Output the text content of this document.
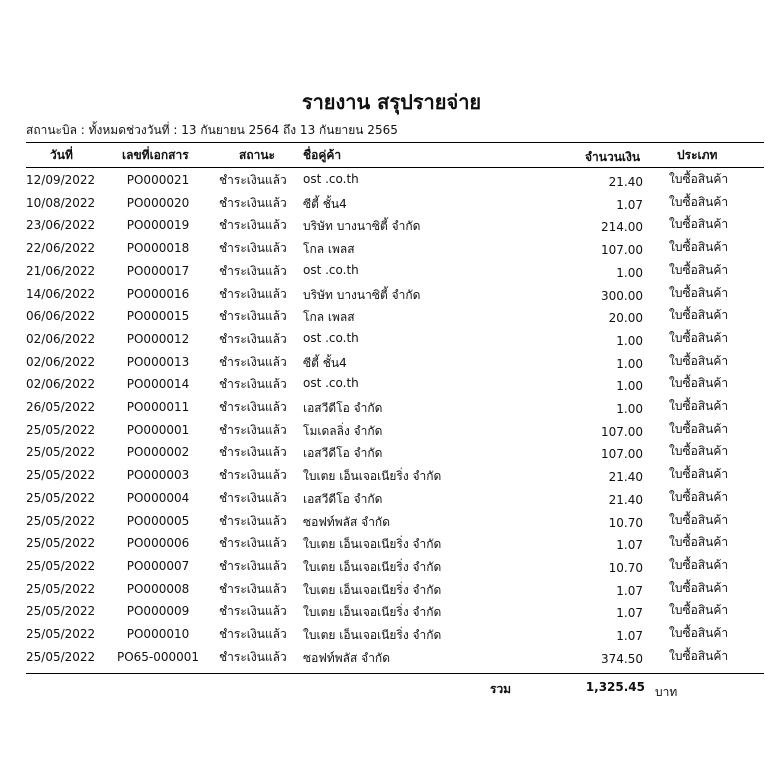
รายงาน สรุปรายจ่าย
สถานะบิล : ทั้งหมดช่วงวันที่ : 13 กันยายน 2564 ถึง 13 กันยายน 2565
วันที่	เลขที่เอกสาร	สถานะ ชื่อคู่ค้า	จำนวนเงิน	ประเภท
12/09/2022	PO000021	ชำระเงินแล้ว ost .co.th	21.40 ใบซื้อสินค้า
10/08/2022	PO000020	ชำระเงินแล้ว ซีตี้ ชั้น4	1.07 ใบซื้อสินค้า
23/06/2022	PO000019	ชำระเงินแล้ว บริษัท บางนาซิตี้ จำกัด	214.00 ใบซื้อสินค้า
22/06/2022	PO000018	ชำระเงินแล้ว โกล เพลส	107.00 ใบซื้อสินค้า
21/06/2022	PO000017	ชำระเงินแล้ว ost .co.th	1.00 ใบซื้อสินค้า
14/06/2022	PO000016	ชำระเงินแล้ว บริษัท บางนาซิตี้ จำกัด	300.00 ใบซื้อสินค้า
06/06/2022	PO000015	ชำระเงินแล้ว โกล เพลส	20.00 ใบซื้อสินค้า
02/06/2022	PO000012	ชำระเงินแล้ว ost .co.th	1.00 ใบซื้อสินค้า
02/06/2022	PO000013	ชำระเงินแล้ว ซีตี้ ชั้น4	1.00 ใบซื้อสินค้า
02/06/2022	PO000014	ชำระเงินแล้ว ost .co.th	1.00 ใบซื้อสินค้า
26/05/2022	PO000011	ชำระเงินแล้ว เอสวีดีโอ จำกัด	1.00 ใบซื้อสินค้า
25/05/2022	PO000001	ชำระเงินแล้ว โมเดลลิ่ง จำกัด	107.00 ใบซื้อสินค้า
25/05/2022	PO000002	ชำระเงินแล้ว เอสวีดีโอ จำกัด	107.00 ใบซื้อสินค้า
25/05/2022	PO000003	ชำระเงินแล้ว ใบเตย เอ็นเจอเนียริ่ง จำกัด	21.40 ใบซื้อสินค้า
25/05/2022	PO000004	ชำระเงินแล้ว เอสวีดีโอ จำกัด	21.40 ใบซื้อสินค้า
25/05/2022	PO000005	ชำระเงินแล้ว ซอฟท์พลัส จำกัด	10.70 ใบซื้อสินค้า
25/05/2022	PO000006	ชำระเงินแล้ว ใบเตย เอ็นเจอเนียริ่ง จำกัด	1.07 ใบซื้อสินค้า
25/05/2022	PO000007	ชำระเงินแล้ว ใบเตย เอ็นเจอเนียริ่ง จำกัด	10.70 ใบซื้อสินค้า
25/05/2022	PO000008	ชำระเงินแล้ว ใบเตย เอ็นเจอเนียริ่ง จำกัด	1.07 ใบซื้อสินค้า
25/05/2022	PO000009	ชำระเงินแล้ว ใบเตย เอ็นเจอเนียริ่ง จำกัด	1.07 ใบซื้อสินค้า
25/05/2022	PO000010	ชำระเงินแล้ว ใบเตย เอ็นเจอเนียริ่ง จำกัด	1.07 ใบซื้อสินค้า
25/05/2022	PO65-000001	ชำระเงินแล้ว ซอฟท์พลัส จำกัด	374.50 ใบซื้อสินค้า
รวม	1,325.45 บาท
